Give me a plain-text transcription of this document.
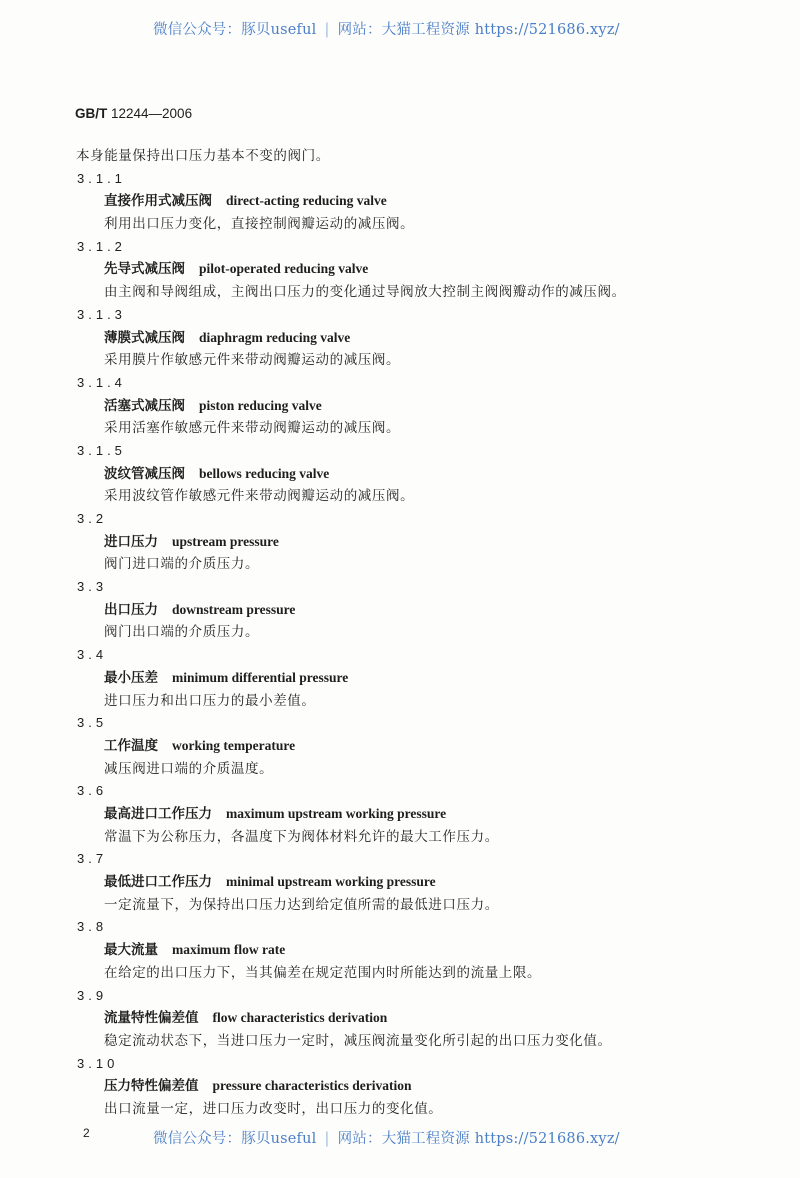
微信公众号：豚贝useful | 网站：大猫工程资源 https://521686.xyz/
GB/T 12244—2006
本身能量保持出口压力基本不变的阀门。
3.1.1
直接作用式减压阀 direct-acting reducing valve
利用出口压力变化，直接控制阀瓣运动的减压阀。
3.1.2
先导式减压阀 pilot-operated reducing valve
由主阀和导阀组成，主阀出口压力的变化通过导阀放大控制主阀阀瓣动作的减压阀。
3.1.3
薄膜式减压阀 diaphragm reducing valve
采用膜片作敏感元件来带动阀瓣运动的减压阀。
3.1.4
活塞式减压阀 piston reducing valve
采用活塞作敏感元件来带动阀瓣运动的减压阀。
3.1.5
波纹管减压阀 bellows reducing valve
采用波纹管作敏感元件来带动阀瓣运动的减压阀。
3.2
进口压力 upstream pressure
阀门进口端的介质压力。
3.3
出口压力 downstream pressure
阀门出口端的介质压力。
3.4
最小压差 minimum differential pressure
进口压力和出口压力的最小差值。
3.5
工作温度 working temperature
减压阀进口端的介质温度。
3.6
最高进口工作压力 maximum upstream working pressure
常温下为公称压力，各温度下为阀体材料允许的最大工作压力。
3.7
最低进口工作压力 minimal upstream working pressure
一定流量下，为保持出口压力达到给定值所需的最低进口压力。
3.8
最大流量 maximum flow rate
在给定的出口压力下，当其偏差在规定范围内时所能达到的流量上限。
3.9
流量特性偏差值 flow characteristics derivation
稳定流动状态下，当进口压力一定时，减压阀流量变化所引起的出口压力变化值。
3.10
压力特性偏差值 pressure characteristics derivation
出口流量一定，进口压力改变时，出口压力的变化值。
2	微信公众号：豚贝useful | 网站：大猫工程资源 https://521686.xyz/
